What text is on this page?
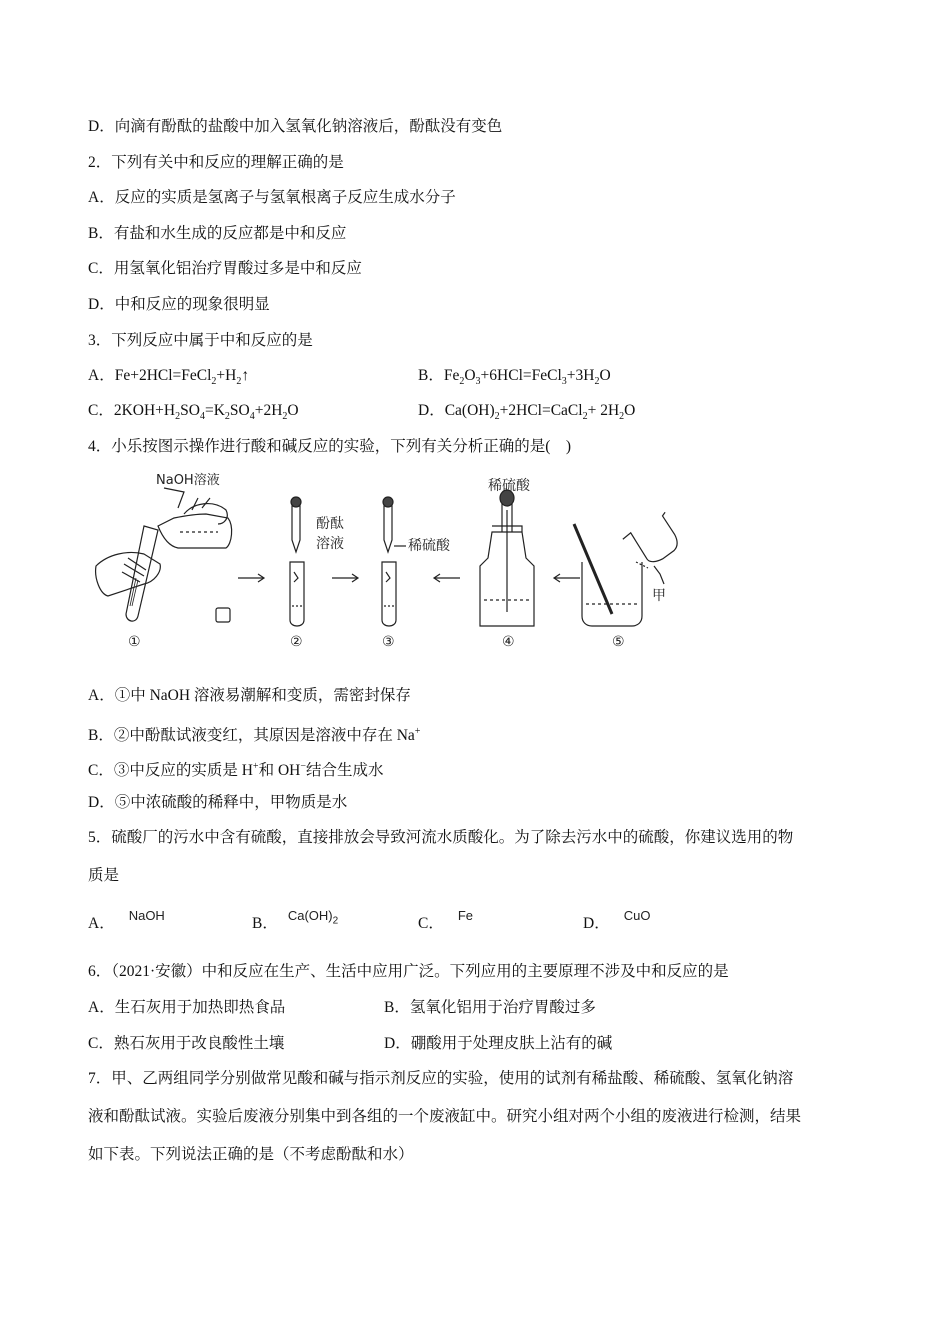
D．向滴有酚酞的盐酸中加入氢氧化钠溶液后，酚酞没有变色
2．下列有关中和反应的理解正确的是
A．反应的实质是氢离子与氢氧根离子反应生成水分子
B．有盐和水生成的反应都是中和反应
C．用氢氧化铝治疗胃酸过多是中和反应
D．中和反应的现象很明显
3．下列反应中属于中和反应的是
A．$Fe+2HCl=FeCl_2+H_2↑$	B．$Fe_2O_3+6HCl=FeCl_3+3H_2O$
C．$2KOH+H_2SO_4=K_2SO_4+2H_2O$	D．$Ca(OH)_2+2HCl=CaCl_2+ 2H_2O$
4．小乐按图示操作进行酸和碱反应的实验，下列有关分析正确的是(　)
NaOH溶液
酚酞
溶液	稀硫酸
稀硫酸
甲
①	②	③	④	⑤
A．①中 NaOH 溶液易潮解和变质，需密封保存
B．②中酚酞试液变红，其原因是溶液中存在 Na+
C．③中反应的实质是 H+和 OH−结合生成水
D．⑤中浓硫酸的稀释中，甲物质是水
5．硫酸厂的污水中含有硫酸，直接排放会导致河流水质酸化。为了除去污水中的硫酸，你建议选用的物
质是
A． $^{NaOH}$	B． $^{Ca(OH)_2}$	C． $^{Fe}$	D． $^{CuO}$
6．（2021·安徽）中和反应在生产、生活中应用广泛。下列应用的主要原理不涉及中和反应的是
A．生石灰用于加热即热食品	B．氢氧化铝用于治疗胃酸过多
C．熟石灰用于改良酸性土壤	D．硼酸用于处理皮肤上沾有的碱
7．甲、乙两组同学分别做常见酸和碱与指示剂反应的实验，使用的试剂有稀盐酸、稀硫酸、氢氧化钠溶
液和酚酞试液。实验后废液分别集中到各组的一个废液缸中。研究小组对两个小组的废液进行检测，结果
如下表。下列说法正确的是（不考虑酚酞和水）
